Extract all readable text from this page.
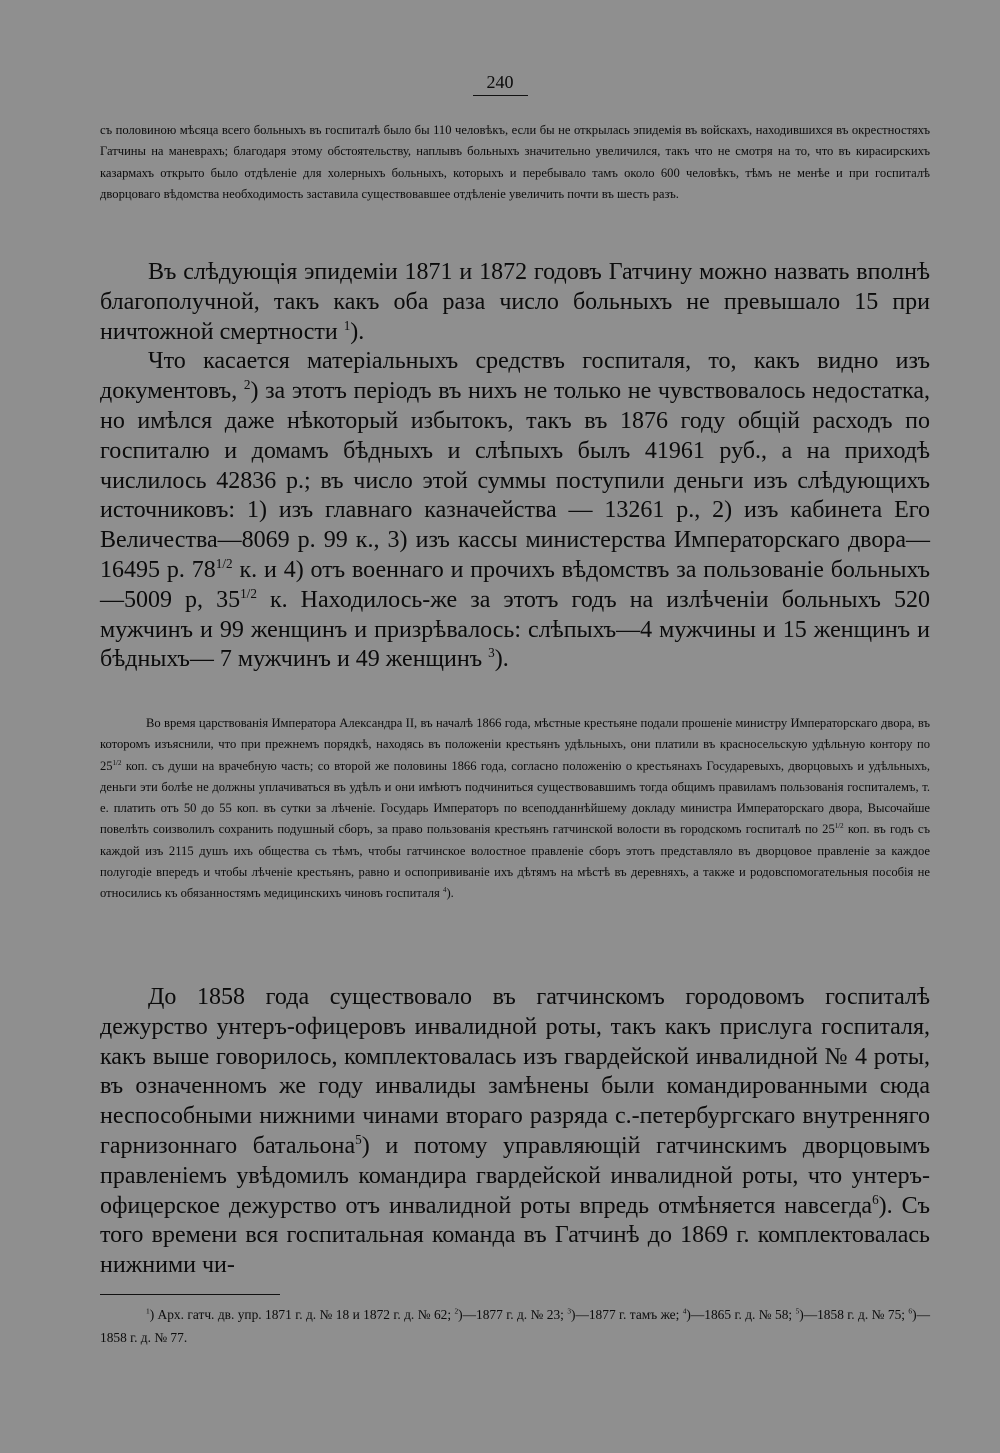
240

съ половиною мѣсяца всего больныхъ въ госпиталѣ было бы 110 человѣкъ, если бы не открылась эпидемія въ войскахъ, находившихся въ окрестностяхъ Гатчины на маневрахъ; благодаря этому обстоятельству, наплывъ больныхъ значительно увеличился, такъ что не смотря на то, что въ кирасирскихъ казармахъ открыто было отдѣленіе для холерныхъ больныхъ, которыхъ и перебывало тамъ около 600 человѣкъ, тѣмъ не менѣе и при госпиталѣ дворцоваго вѣдомства необходимость заставила существовавшее отдѣленіе увеличить почти въ шесть разъ.

Въ слѣдующія эпидеміи 1871 и 1872 годовъ Гатчину можно назвать вполнѣ благополучной, такъ какъ оба раза число больныхъ не превышало 15 при ничтожной смертности $^1$).

Что касается матеріальныхъ средствъ госпиталя, то, какъ видно изъ документовъ, $^2$) за этотъ періодъ въ нихъ не только не чувствовалось недостатка, но имѣлся даже нѣкоторый избытокъ, такъ въ 1876 году общій расходъ по госпиталю и домамъ бѣдныхъ и слѣпыхъ былъ 41961 руб., а на приходѣ числилось 42836 р.; въ число этой суммы поступили деньги изъ слѣдующихъ источниковъ: 1) изъ главнаго казначейства — 13261 р., 2) изъ кабинета Его Величества—8069 р. 99 к., 3) изъ кассы министерства Императорскаго двора—16495 р. $78^{1/2}$ к. и 4) отъ военнаго и прочихъ вѣдомствъ за пользованіе больныхъ—5009 р, $35^{1/2}$ к. Находилось-же за этотъ годъ на излѣченіи больныхъ 520 мужчинъ и 99 женщинъ и призрѣвалось: слѣпыхъ—4 мужчины и 15 женщинъ и бѣдныхъ— 7 мужчинъ и 49 женщинъ $^3$).

Во время царствованія Императора Александра II, въ началѣ 1866 года, мѣстные крестьяне подали прошеніе министру Императорскаго двора, въ которомъ изъяснили, что при прежнемъ порядкѣ, находясь въ положеніи крестьянъ удѣльныхъ, они платили въ красносельскую удѣльную контору по $25^{1/2}$ коп. съ души на врачебную часть; со второй же половины 1866 года, согласно положенію о крестьянахъ Государевыхъ, дворцовыхъ и удѣльныхъ, деньги эти болѣе не должны уплачиваться въ удѣлъ и они имѣютъ подчиниться существовавшимъ тогда общимъ правиламъ пользованія госпиталемъ, т. е. платить отъ 50 до 55 коп. въ сутки за лѣченіе. Государь Императоръ по всеподданнѣйшему докладу министра Императорскаго двора, Высочайше повелѣть соизволилъ сохранить подушный сборъ, за право пользованія крестьянъ гатчинской волости въ городскомъ госпиталѣ по $25^{1/2}$ коп. въ годъ съ каждой изъ 2115 душъ ихъ общества съ тѣмъ, чтобы гатчинское волостное правленіе сборъ этотъ представляло въ дворцовое правленіе за каждое полугодіе впередъ и чтобы лѣченіе крестьянъ, равно и оспопрививаніе ихъ дѣтямъ на мѣстѣ въ деревняхъ, а также и родовспомогательныя пособія не относились къ обязанностямъ медицинскихъ чиновъ госпиталя $^4$).

До 1858 года существовало въ гатчинскомъ городовомъ госпиталѣ дежурство унтеръ-офицеровъ инвалидной роты, такъ какъ прислуга госпиталя, какъ выше говорилось, комплектовалась изъ гвардейской инвалидной № 4 роты, въ означенномъ же году инвалиды замѣнены были командированными сюда неспособными нижними чинами втораго разряда с.-петербургскаго внутренняго гарнизоннаго батальона$^5$) и потому управляющій гатчинскимъ дворцовымъ правленіемъ увѣдомилъ командира гвардейской инвалидной роты, что унтеръ-офицерское дежурство отъ инвалидной роты впредь отмѣняется навсегда$^6$). Съ того времени вся госпитальная команда въ Гатчинѣ до 1869 г. комплектовалась нижними чи-

$^1$) Арх. гатч. дв. упр. 1871 г. д. № 18 и 1872 г. д. № 62; $^2$)—1877 г. д. № 23; $^3$)—1877 г. тамъ же; $^4$)—1865 г. д. № 58; $^5$)—1858 г. д. № 75; $^6$)—1858 г. д. № 77.
